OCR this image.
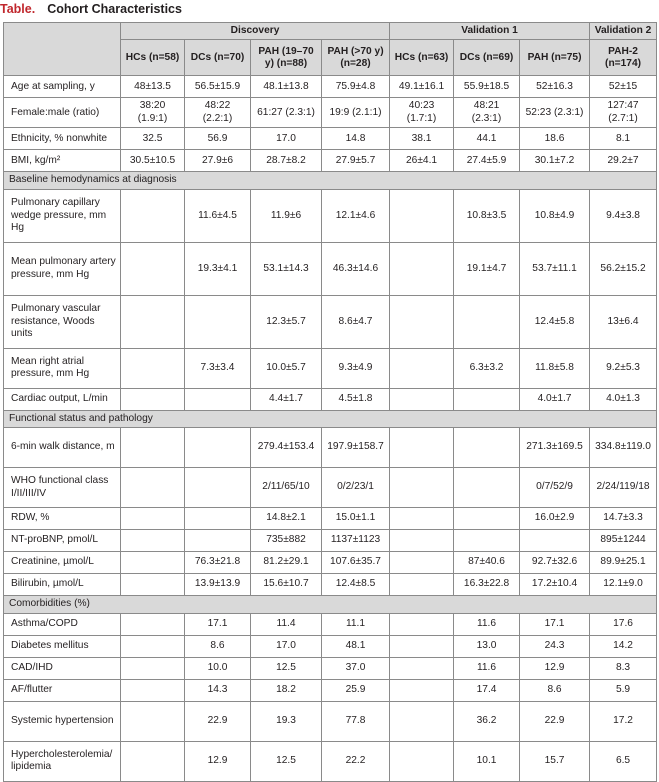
Table. Cohort Characteristics
	Discovery				Validation 1			Validation 2
	HCs (n=58)	DCs (n=70)	PAH (19–70 y) (n=88)	PAH (>70 y) (n=28)	HCs (n=63)	DCs (n=69)	PAH (n=75)	PAH-2 (n=174)
Age at sampling, y	48±13.5	56.5±15.9	48.1±13.8	75.9±4.8	49.1±16.1	55.9±18.5	52±16.3	52±15
Female:male (ratio)	38:20 (1.9:1)	48:22 (2.2:1)	61:27 (2.3:1)	19:9 (2.1:1)	40:23 (1.7:1)	48:21 (2.3:1)	52:23 (2.3:1)	127:47 (2.7:1)
Ethnicity, % nonwhite	32.5	56.9	17.0	14.8	38.1	44.1	18.6	8.1
BMI, kg/m²	30.5±10.5	27.9±6	28.7±8.2	27.9±5.7	26±4.1	27.4±5.9	30.1±7.2	29.2±7
Baseline hemodynamics at diagnosis								
Pulmonary capillary wedge pressure, mm Hg		11.6±4.5	11.9±6	12.1±4.6		10.8±3.5	10.8±4.9	9.4±3.8
Mean pulmonary artery pressure, mm Hg		19.3±4.1	53.1±14.3	46.3±14.6		19.1±4.7	53.7±11.1	56.2±15.2
Pulmonary vascular resistance, Woods units			12.3±5.7	8.6±4.7			12.4±5.8	13±6.4
Mean right atrial pressure, mm Hg		7.3±3.4	10.0±5.7	9.3±4.9		6.3±3.2	11.8±5.8	9.2±5.3
Cardiac output, L/min			4.4±1.7	4.5±1.8			4.0±1.7	4.0±1.3
Functional status and pathology								
6-min walk distance, m			279.4±153.4	197.9±158.7			271.3±169.5	334.8±119.0
WHO functional class I/II/III/IV			2/11/65/10	0/2/23/1			0/7/52/9	2/24/119/18
RDW, %			14.8±2.1	15.0±1.1			16.0±2.9	14.7±3.3
NT-proBNP, pmol/L			735±882	1137±1123				895±1244
Creatinine, µmol/L		76.3±21.8	81.2±29.1	107.6±35.7		87±40.6	92.7±32.6	89.9±25.1
Bilirubin, µmol/L		13.9±13.9	15.6±10.7	12.4±8.5		16.3±22.8	17.2±10.4	12.1±9.0
Comorbidities (%)								
Asthma/COPD		17.1	11.4	11.1		11.6	17.1	17.6
Diabetes mellitus		8.6	17.0	48.1		13.0	24.3	14.2
CAD/IHD		10.0	12.5	37.0		11.6	12.9	8.3
AF/flutter		14.3	18.2	25.9		17.4	8.6	5.9
Systemic hypertension		22.9	19.3	77.8		36.2	22.9	17.2
Hypercholesterolemia/ lipidemia		12.9	12.5	22.2		10.1	15.7	6.5
